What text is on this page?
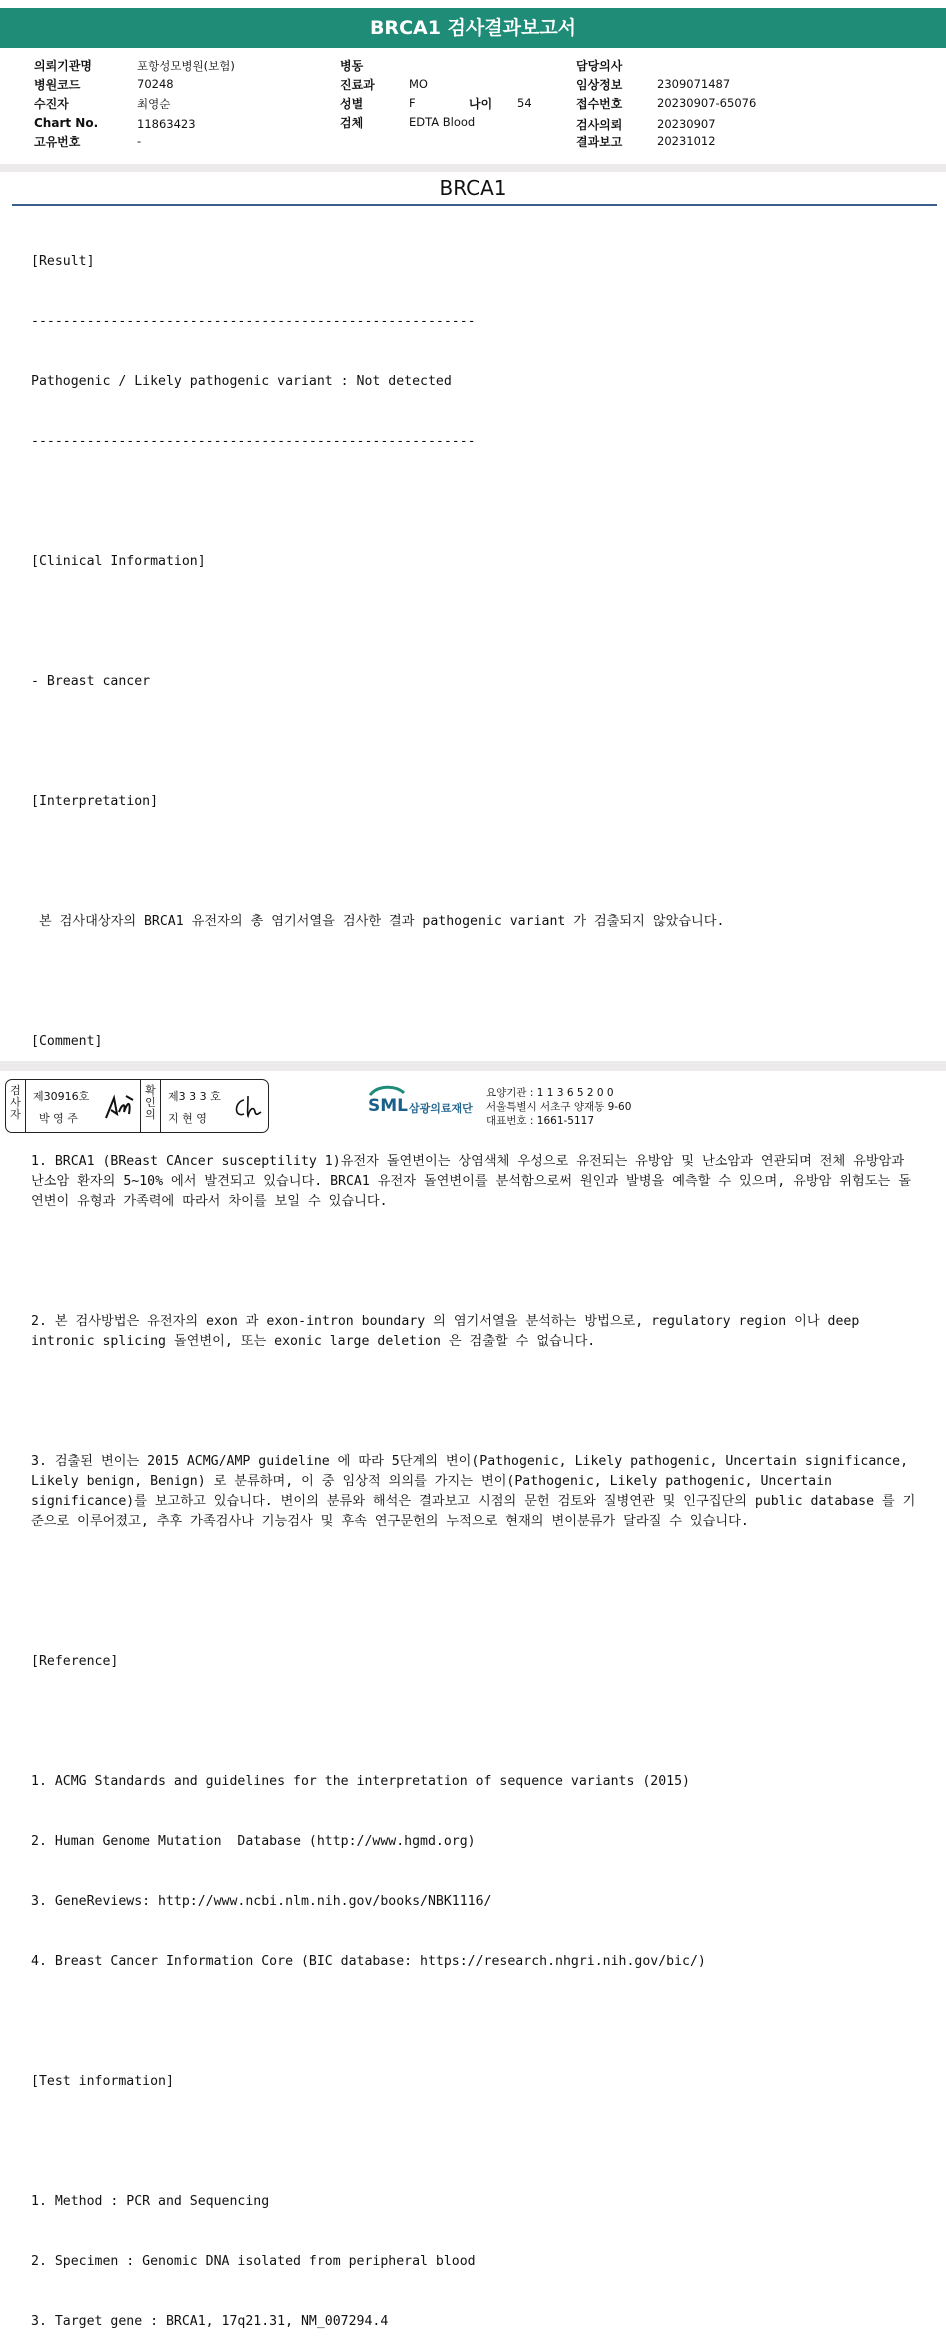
BRCA1 검사결과보고서
의뢰기관명	포항성모병원(보험)
병원코드	70248
수진자	최영순
Chart No.	11863423
고유번호	-
병동
진료과	MO
성별	F	나이 54
검체	EDTA Blood
담당의사
임상정보	2309071487
접수번호	20230907-65076
검사의뢰	20230907
결과보고	20231012
BRCA1

[Result]

--------------------------------------------------------

Pathogenic / Likely pathogenic variant : Not detected

--------------------------------------------------------

[Clinical Information]

- Breast cancer

[Interpretation]

본 검사대상자의 BRCA1 유전자의 총 염기서열을 검사한 결과 pathogenic variant 가 검출되지 않았습니다.

[Comment]

1. BRCA1 (BReast CAncer susceptility 1)유전자 돌연변이는 상염색체 우성으로 유전되는 유방암 및 난소암과 연관되며 전체 유방암과 난소암 환자의 5~10% 에서 발견되고 있습니다. BRCA1 유전자 돌연변이를 분석함으로써 원인과 발병을 예측할 수 있으며, 유방암 위험도는 돌연변이 유형과 가족력에 따라서 차이를 보일 수 있습니다.

2. 본 검사방법은 유전자의 exon 과 exon-intron boundary 의 염기서열을 분석하는 방법으로, regulatory region 이나 deep intronic splicing 돌연변이, 또는 exonic large deletion 은 검출할 수 없습니다.

3. 검출된 변이는 2015 ACMG/AMP guideline 에 따라 5단계의 변이(Pathogenic, Likely pathogenic, Uncertain significance, Likely benign, Benign) 로 분류하며, 이 중 임상적 의의를 가지는 변이(Pathogenic, Likely pathogenic, Uncertain significance)를 보고하고 있습니다. 변이의 분류와 해석은 결과보고 시점의 문헌 검토와 질병연관 및 인구집단의 public database 를 기준으로 이루어졌고, 추후 가족검사나 기능검사 및 후속 연구문헌의 누적으로 현재의 변이분류가 달라질 수 있습니다.

[Reference]

1. ACMG Standards and guidelines for the interpretation of sequence variants (2015)

2. Human Genome Mutation  Database (http://www.hgmd.org)

3. GeneReviews: http://www.ncbi.nlm.nih.gov/books/NBK1116/

4. Breast Cancer Information Core (BIC database: https://research.nhgri.nih.gov/bic/)

[Test information]

1. Method : PCR and Sequencing

2. Specimen : Genomic DNA isolated from peripheral blood

3. Target gene : BRCA1, 17q21.31, NM_007294.4

검사자
제30916호
박 영 주
확인의
제3 3 3 호
지 현 영
SML 삼광의료재단
요양기관 : 1 1 3 6 5 2 0 0
서울특별시 서초구 양재동 9-60
대표번호 : 1661-5117
